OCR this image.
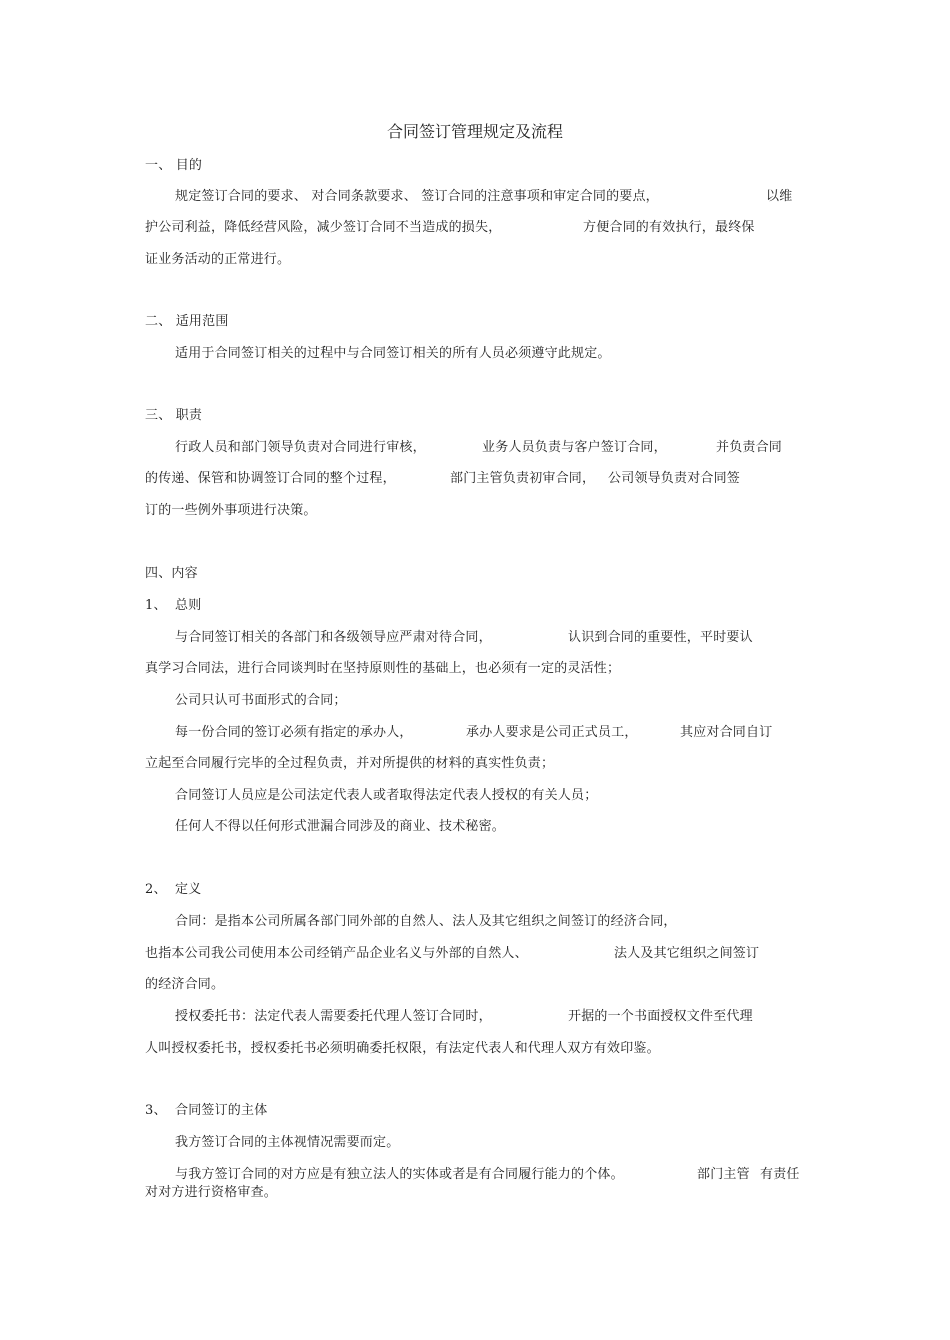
合同签订管理规定及流程
一、 目的
规定签订合同的要求、 对合同条款要求、 签订合同的注意事项和审定合同的要点，	以维
护公司利益，降低经营风险，减少签订合同不当造成的损失，	方便合同的有效执行，最终保
证业务活动的正常进行。
二、 适用范围
适用于合同签订相关的过程中与合同签订相关的所有人员必须遵守此规定。
三、 职责
行政人员和部门领导负责对合同进行审核，	业务人员负责与客户签订合同，	并负责合同
的传递、保管和协调签订合同的整个过程，	部门主管负责初审合同， 公司领导负责对合同签
订的一些例外事项进行决策。
四、内容
1、 总则
与合同签订相关的各部门和各级领导应严肃对待合同，	认识到合同的重要性，平时要认
真学习合同法，进行合同谈判时在坚持原则性的基础上，也必须有一定的灵活性；
公司只认可书面形式的合同；
每一份合同的签订必须有指定的承办人，	承办人要求是公司正式员工，	其应对合同自订
立起至合同履行完毕的全过程负责，并对所提供的材料的真实性负责；
合同签订人员应是公司法定代表人或者取得法定代表人授权的有关人员；
任何人不得以任何形式泄漏合同涉及的商业、技术秘密。
2、 定义
合同：是指本公司所属各部门同外部的自然人、法人及其它组织之间签订的经济合同，
也指本公司我公司使用本公司经销产品企业名义与外部的自然人、	法人及其它组织之间签订
的经济合同。
授权委托书：法定代表人需要委托代理人签订合同时，	开据的一个书面授权文件至代理
人叫授权委托书，授权委托书必须明确委托权限，有法定代表人和代理人双方有效印鉴。
3、 合同签订的主体
我方签订合同的主体视情况需要而定。
与我方签订合同的对方应是有独立法人的实体或者是有合同履行能力的个体。	部门主管 有责任
对对方进行资格审查。
